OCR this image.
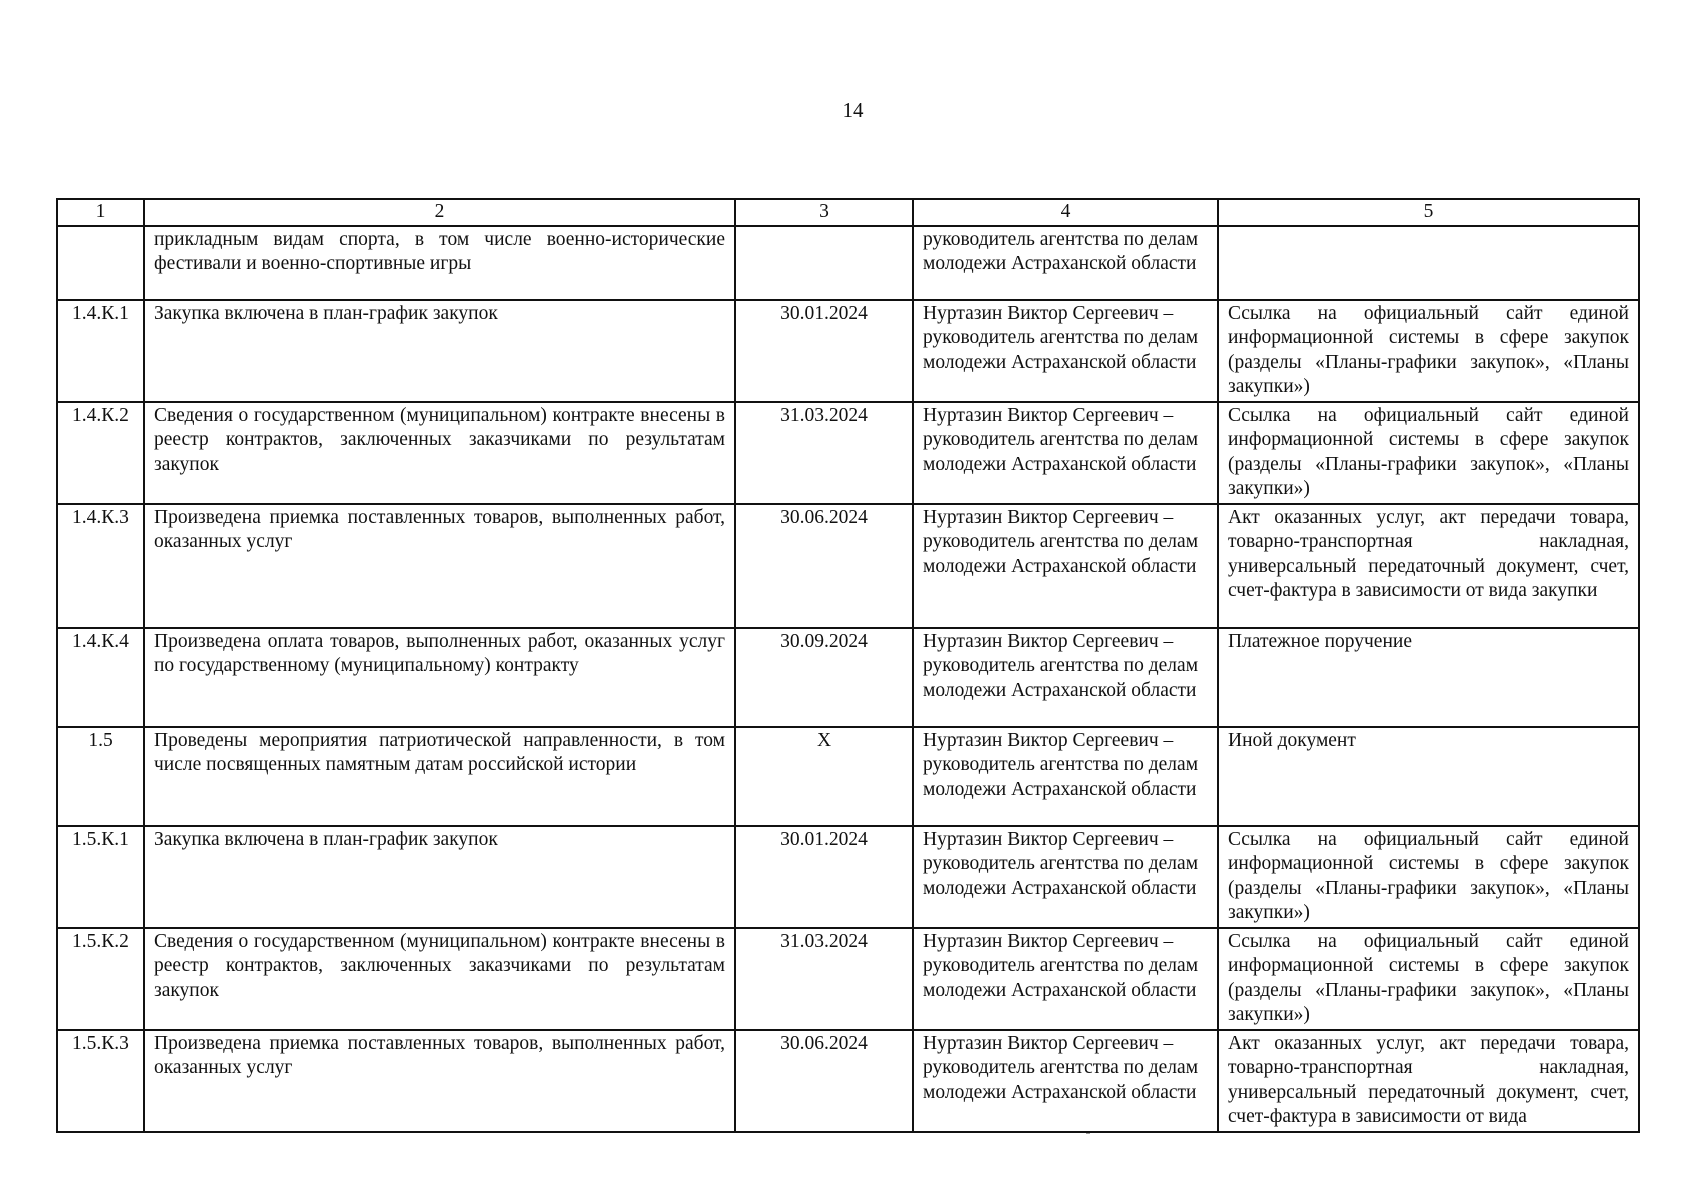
14
1	2	3	4	5
	прикладным видам спорта, в том числе военно-исторические фестивали и военно-спортивные игры		руководитель агентства по делам молодежи Астраханской области	
1.4.К.1	Закупка включена в план-график закупок	30.01.2024	Нуртазин Виктор Сергеевич – руководитель агентства по делам молодежи Астраханской области	Ссылка на официальный сайт единой информационной системы в сфере закупок (разделы «Планы-графики закупок», «Планы закупки»)
1.4.К.2	Сведения о государственном (муниципальном) контракте внесены в реестр контрактов, заключенных заказчиками по результатам закупок	31.03.2024	Нуртазин Виктор Сергеевич – руководитель агентства по делам молодежи Астраханской области	Ссылка на официальный сайт единой информационной системы в сфере закупок (разделы «Планы-графики закупок», «Планы закупки»)
1.4.К.3	Произведена приемка поставленных товаров, выполненных работ, оказанных услуг	30.06.2024	Нуртазин Виктор Сергеевич – руководитель агентства по делам молодежи Астраханской области	Акт оказанных услуг, акт передачи товара, товарно-транспортная накладная, универсальный передаточный документ, счет, счет-фактура в зависимости от вида закупки
1.4.К.4	Произведена оплата товаров, выполненных работ, оказанных услуг по государственному (муниципальному) контракту	30.09.2024	Нуртазин Виктор Сергеевич – руководитель агентства по делам молодежи Астраханской области	Платежное поручение
1.5	Проведены мероприятия патриотической направленности, в том числе посвященных памятным датам российской истории	X	Нуртазин Виктор Сергеевич – руководитель агентства по делам молодежи Астраханской области	Иной документ
1.5.К.1	Закупка включена в план-график закупок	30.01.2024	Нуртазин Виктор Сергеевич – руководитель агентства по делам молодежи Астраханской области	Ссылка на официальный сайт единой информационной системы в сфере закупок (разделы «Планы-графики закупок», «Планы закупки»)
1.5.К.2	Сведения о государственном (муниципальном) контракте внесены в реестр контрактов, заключенных заказчиками по результатам закупок	31.03.2024	Нуртазин Виктор Сергеевич – руководитель агентства по делам молодежи Астраханской области	Ссылка на официальный сайт единой информационной системы в сфере закупок (разделы «Планы-графики закупок», «Планы закупки»)
1.5.К.3	Произведена приемка поставленных товаров, выполненных работ, оказанных услуг	30.06.2024	Нуртазин Виктор Сергеевич – руководитель агентства по делам молодежи Астраханской области	Акт оказанных услуг, акт передачи товара, товарно-транспортная накладная, универсальный передаточный документ, счет, счет-фактура в зависимости от вида
